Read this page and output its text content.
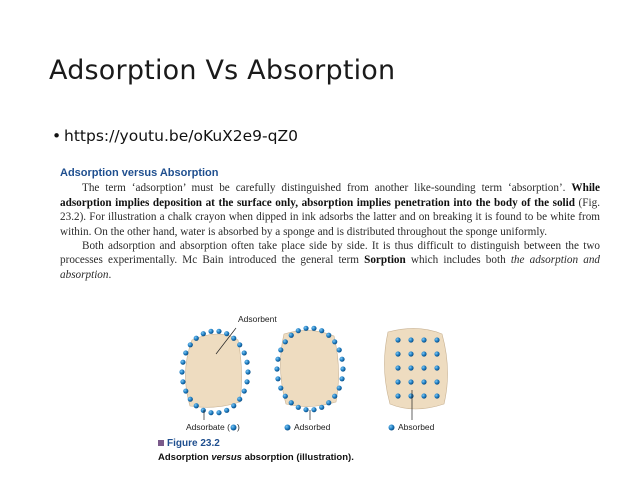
Adsorption Vs Absorption
• https://youtu.be/oKuX2e9-qZ0
Adsorption versus Absorption

The term ‘adsorption’ must be carefully distinguished from another like-sounding term ‘absorption’. While adsorption implies deposition at the surface only, absorption implies penetration into the body of the solid (Fig. 23.2). For illustration a chalk crayon when dipped in ink adsorbs the latter and on breaking it is found to be white from within. On the other hand, water is absorbed by a sponge and is distributed throughout the sponge uniformly.

Both adsorption and absorption often take place side by side. It is thus difficult to distinguish between the two processes experimentally. Mc Bain introduced the general term Sorption which includes both the adsorption and absorption.

Adsorbent
Adsorbate ( )	Adsorbed	Absorbed
Figure 23.2
Adsorption versus absorption (illustration).
